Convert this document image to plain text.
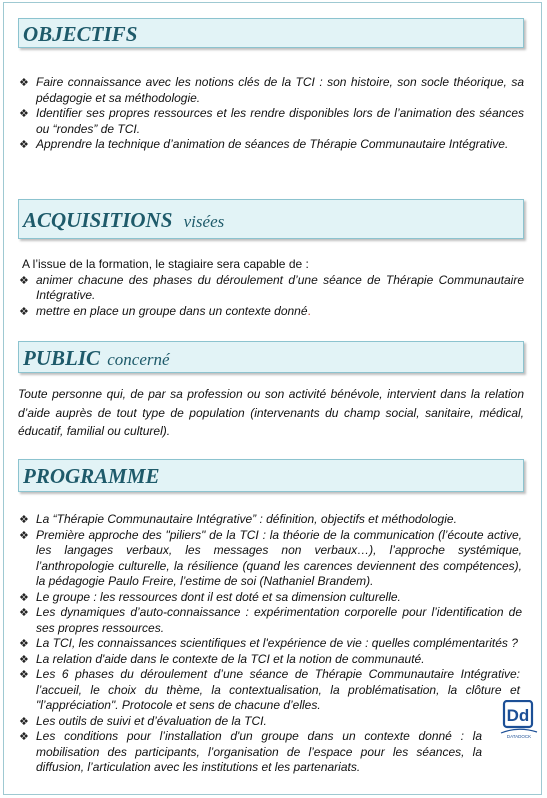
OBJECTIFS
❖ Faire connaissance avec les notions clés de la TCI : son histoire, son socle théorique, sa pédagogie et sa méthodologie.
❖ Identifier ses propres ressources et les rendre disponibles lors de l’animation des séances ou “rondes” de TCI.
❖ Apprendre la technique d’animation de séances de Thérapie Communautaire Intégrative.
ACQUISITIONS visées
A l’issue de la formation, le stagiaire sera capable de :
❖ animer chacune des phases du déroulement d’une séance de Thérapie Communautaire Intégrative.
❖ mettre en place un groupe dans un contexte donné.
PUBLIC concerné
Toute personne qui, de par sa profession ou son activité bénévole, intervient dans la relation d’aide auprès de tout type de population (intervenants du champ social, sanitaire, médical, éducatif, familial ou culturel).
PROGRAMME
❖ La “Thérapie Communautaire Intégrative” : définition, objectifs et méthodologie.
❖ Première approche des "piliers" de la TCI : la théorie de la communication (l’écoute active, les langages verbaux, les messages non verbaux…), l’approche systémique, l’anthropologie culturelle, la résilience (quand les carences deviennent des compétences), la pédagogie Paulo Freire, l’estime de soi (Nathaniel Brandem).
❖ Le groupe : les ressources dont il est doté et sa dimension culturelle.
❖ Les dynamiques d’auto-connaissance : expérimentation corporelle pour l’identification de ses propres ressources.
❖ La TCI, les connaissances scientifiques et l'expérience de vie : quelles complémentarités ?
❖ La relation d'aide dans le contexte de la TCI et la notion de communauté.
❖ Les 6 phases du déroulement d’une séance de Thérapie Communautaire Intégrative: l’accueil, le choix du thème, la contextualisation, la problématisation, la clôture et "l’appréciation". Protocole et sens de chacune d’elles.
❖ Les outils de suivi et d’évaluation de la TCI.
❖ Les conditions pour l’installation d'un groupe dans un contexte donné : la mobilisation des participants, l’organisation de l’espace pour les séances, la diffusion, l’articulation avec les institutions et les partenariats.
Dd
DATADOCK
